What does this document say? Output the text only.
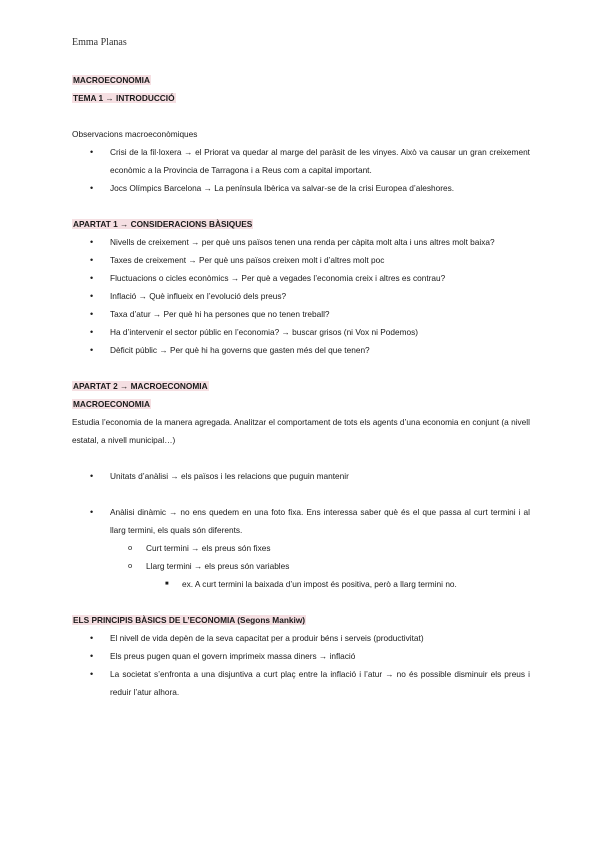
Emma Planas
MACROECONOMIA
TEMA 1 → INTRODUCCIÓ
Observacions macroeconòmiques
• Crisi de la fil·loxera → el Priorat va quedar al marge del paràsit de les vinyes. Això va causar un gran creixement econòmic a la Provincia de Tarragona i a Reus com a capital important.
• Jocs Olímpics Barcelona → La península Ibèrica va salvar-se de la crisi Europea d’aleshores.
APARTAT 1 → CONSIDERACIONS BÀSIQUES
• Nivells de creixement → per què uns països tenen una renda per càpita molt alta i uns altres molt baixa?
• Taxes de creixement → Per què uns països creixen molt i d’altres molt poc
• Fluctuacions o cicles econòmics → Per què a vegades l’economia creix i altres es contrau?
• Inflació → Què influeix en l’evolució dels preus?
• Taxa d’atur → Per què hi ha persones que no tenen treball?
• Ha d’intervenir el sector públic en l’economia? → buscar grisos (ni Vox ni Podemos)
• Dèficit públic → Per què hi ha governs que gasten més del que tenen?
APARTAT 2 → MACROECONOMIA
MACROECONOMIA
Estudia l’economia de la manera agregada. Analitzar el comportament de tots els agents d’una economia en conjunt (a nivell estatal, a nivell municipal…)
• Unitats d’anàlisi → els països i les relacions que puguin mantenir
• Anàlisi dinàmic → no ens quedem en una foto fixa. Ens interessa saber què és el que passa al curt termini i al llarg termini, els quals són diferents.
o Curt termini → els preus són fixes
o Llarg termini → els preus són variables
■ ex. A curt termini la baixada d’un impost és positiva, però a llarg termini no.
ELS PRINCIPIS BÀSICS DE L’ECONOMIA (Segons Mankiw)
• El nivell de vida depèn de la seva capacitat per a produir béns i serveis (productivitat)
• Els preus pugen quan el govern imprimeix massa diners → inflació
• La societat s’enfronta a una disjuntiva a curt plaç entre la inflació i l’atur → no és possible disminuir els preus i reduir l’atur alhora.
